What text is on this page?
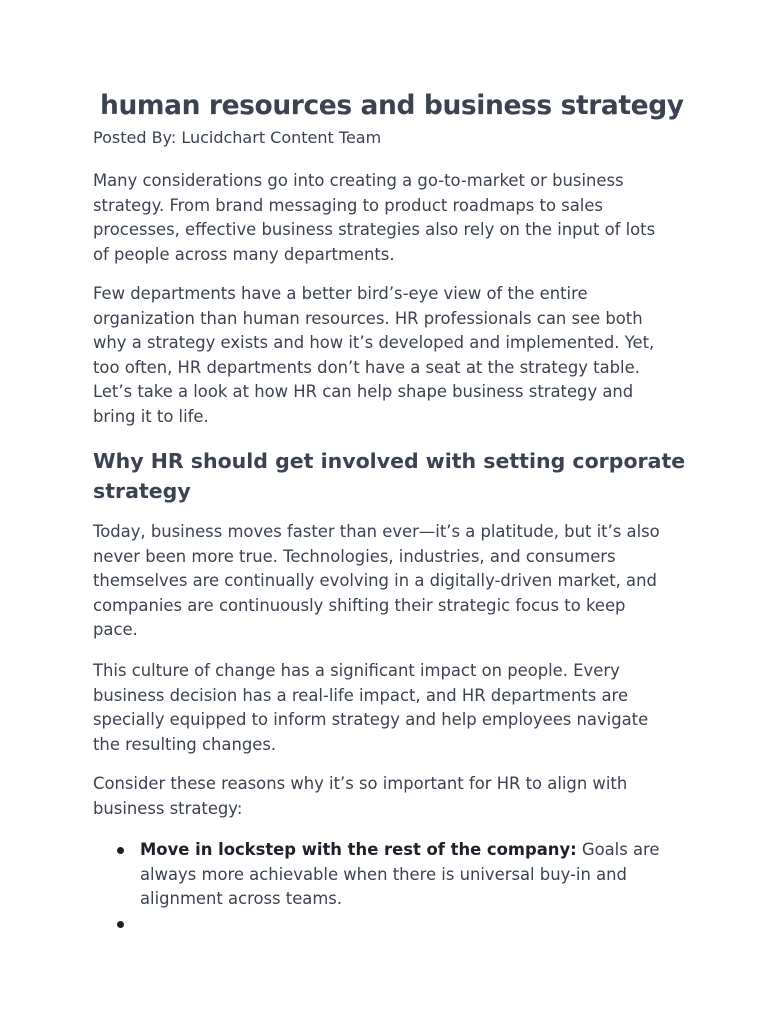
human resources and business strategy

Posted By: Lucidchart Content Team

Many considerations go into creating a go-to-market or business
strategy. From brand messaging to product roadmaps to sales
processes, effective business strategies also rely on the input of lots
of people across many departments.

Few departments have a better bird’s-eye view of the entire
organization than human resources. HR professionals can see both
why a strategy exists and how it’s developed and implemented. Yet,
too often, HR departments don’t have a seat at the strategy table.
Let’s take a look at how HR can help shape business strategy and
bring it to life.

Why HR should get involved with setting corporate
strategy

Today, business moves faster than ever—it’s a platitude, but it’s also
never been more true. Technologies, industries, and consumers
themselves are continually evolving in a digitally-driven market, and
companies are continuously shifting their strategic focus to keep
pace.

This culture of change has a significant impact on people. Every
business decision has a real-life impact, and HR departments are
specially equipped to inform strategy and help employees navigate
the resulting changes.

Consider these reasons why it’s so important for HR to align with
business strategy:

Move in lockstep with the rest of the company: Goals are
always more achievable when there is universal buy-in and
alignment across teams.
